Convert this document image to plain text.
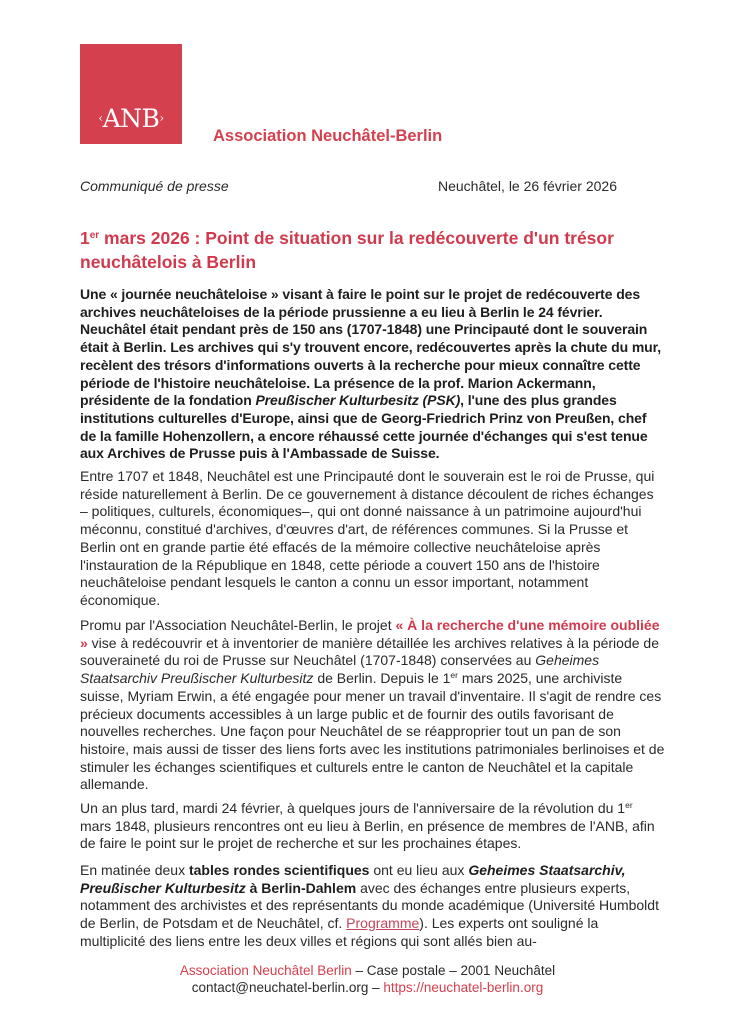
‹ANB›
Association Neuchâtel-Berlin
Communiqué de presse	Neuchâtel, le 26 février 2026
1er mars 2026 : Point de situation sur la redécouverte d'un trésor
neuchâtelois à Berlin

Une « journée neuchâteloise » visant à faire le point sur le projet de redécouverte des archives neuchâteloises de la période prussienne a eu lieu à Berlin le 24 février. Neuchâtel était pendant près de 150 ans (1707-1848) une Principauté dont le souverain était à Berlin. Les archives qui s'y trouvent encore, redécouvertes après la chute du mur, recèlent des trésors d'informations ouverts à la recherche pour mieux connaître cette période de l'histoire neuchâteloise. La présence de la prof. Marion Ackermann, présidente de la fondation Preußischer Kulturbesitz (PSK), l'une des plus grandes institutions culturelles d'Europe, ainsi que de Georg-Friedrich Prinz von Preußen, chef de la famille Hohenzollern, a encore réhaussé cette journée d'échanges qui s'est tenue aux Archives de Prusse puis à l'Ambassade de Suisse.

Entre 1707 et 1848, Neuchâtel est une Principauté dont le souverain est le roi de Prusse, qui réside naturellement à Berlin. De ce gouvernement à distance découlent de riches échanges – politiques, culturels, économiques–, qui ont donné naissance à un patrimoine aujourd'hui méconnu, constitué d'archives, d'œuvres d'art, de références communes. Si la Prusse et Berlin ont en grande partie été effacés de la mémoire collective neuchâteloise après l'instauration de la République en 1848, cette période a couvert 150 ans de l'histoire neuchâteloise pendant lesquels le canton a connu un essor important, notamment économique.

Promu par l'Association Neuchâtel-Berlin, le projet « À la recherche d'une mémoire oubliée » vise à redécouvrir et à inventorier de manière détaillée les archives relatives à la période de souveraineté du roi de Prusse sur Neuchâtel (1707-1848) conservées au Geheimes Staatsarchiv Preußischer Kulturbesitz de Berlin. Depuis le 1er mars 2025, une archiviste suisse, Myriam Erwin, a été engagée pour mener un travail d'inventaire. Il s'agit de rendre ces précieux documents accessibles à un large public et de fournir des outils favorisant de nouvelles recherches. Une façon pour Neuchâtel de se réapproprier tout un pan de son histoire, mais aussi de tisser des liens forts avec les institutions patrimoniales berlinoises et de stimuler les échanges scientifiques et culturels entre le canton de Neuchâtel et la capitale allemande.

Un an plus tard, mardi 24 février, à quelques jours de l'anniversaire de la révolution du 1er mars 1848, plusieurs rencontres ont eu lieu à Berlin, en présence de membres de l'ANB, afin de faire le point sur le projet de recherche et sur les prochaines étapes.

En matinée deux tables rondes scientifiques ont eu lieu aux Geheimes Staatsarchiv, Preußischer Kulturbesitz à Berlin-Dahlem avec des échanges entre plusieurs experts, notamment des archivistes et des représentants du monde académique (Université Humboldt de Berlin, de Potsdam et de Neuchâtel, cf. Programme). Les experts ont souligné la multiplicité des liens entre les deux villes et régions qui sont allés bien au-

Association Neuchâtel Berlin – Case postale – 2001 Neuchâtel
contact@neuchatel-berlin.org – https://neuchatel-berlin.org
